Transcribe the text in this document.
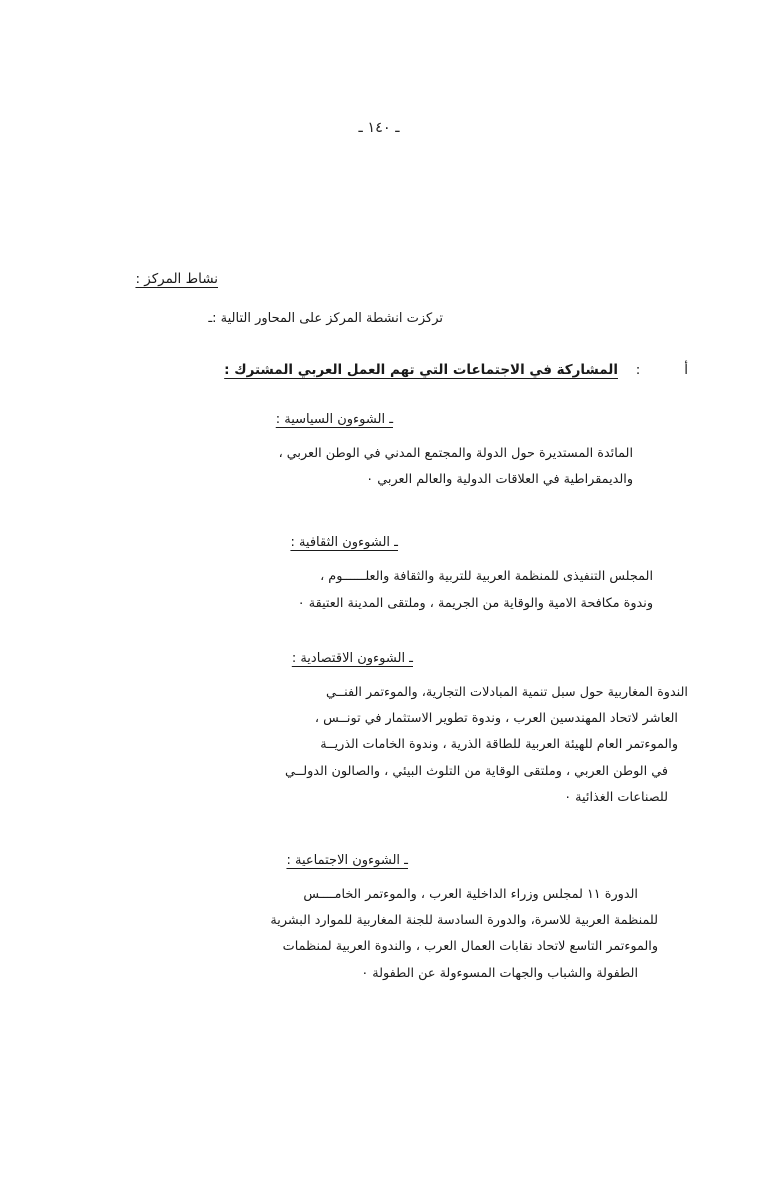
ـ ١٤٠ ـ
نشاط المركز :
تركزت انشطة المركز على المحاور التالية :ـ
أ
:
المشاركة في الاجتماعات التي تهم العمل العربي المشترك :
ـ الشوءون السياسية :

المائدة المستديرة حول الدولة والمجتمع المدني في الوطن العربي ،
والديمقراطية في العلاقات الدولية والعالم العربي ٠

ـ الشوءون الثقافية :

المجلس التنفيذى للمنظمة العربية للتربية والثقافة والعلــــــوم ،
وندوة مكافحة الامية والوقاية من الجريمة ، وملتقى المدينة العتيقة ٠

ـ الشوءون الاقتصادية :

الندوة المغاربية حول سبل تنمية المبادلات التجارية، والموءتمر الفنــي
العاشر لاتحاد المهندسين العرب ، وندوة تطوير الاستثمار في تونــس ،
والموءتمر العام للهيئة العربية للطاقة الذرية ، وندوة الخامات الذريــة
في الوطن العربي ، وملتقى الوقاية من التلوث البيئي ، والصالون الدولــي
للصناعات الغذائية ٠

ـ الشوءون الاجتماعية :

الدورة ١١ لمجلس وزراء الداخلية العرب ، والموءتمر الخامــــس
للمنظمة العربية للاسرة، والدورة السادسة للجنة المغاربية للموارد البشرية
والموءتمر التاسع لاتحاد نقابات العمال العرب ، والندوة العربية لمنظمات
الطفولة والشباب والجهات المسوءولة عن الطفولة ٠
